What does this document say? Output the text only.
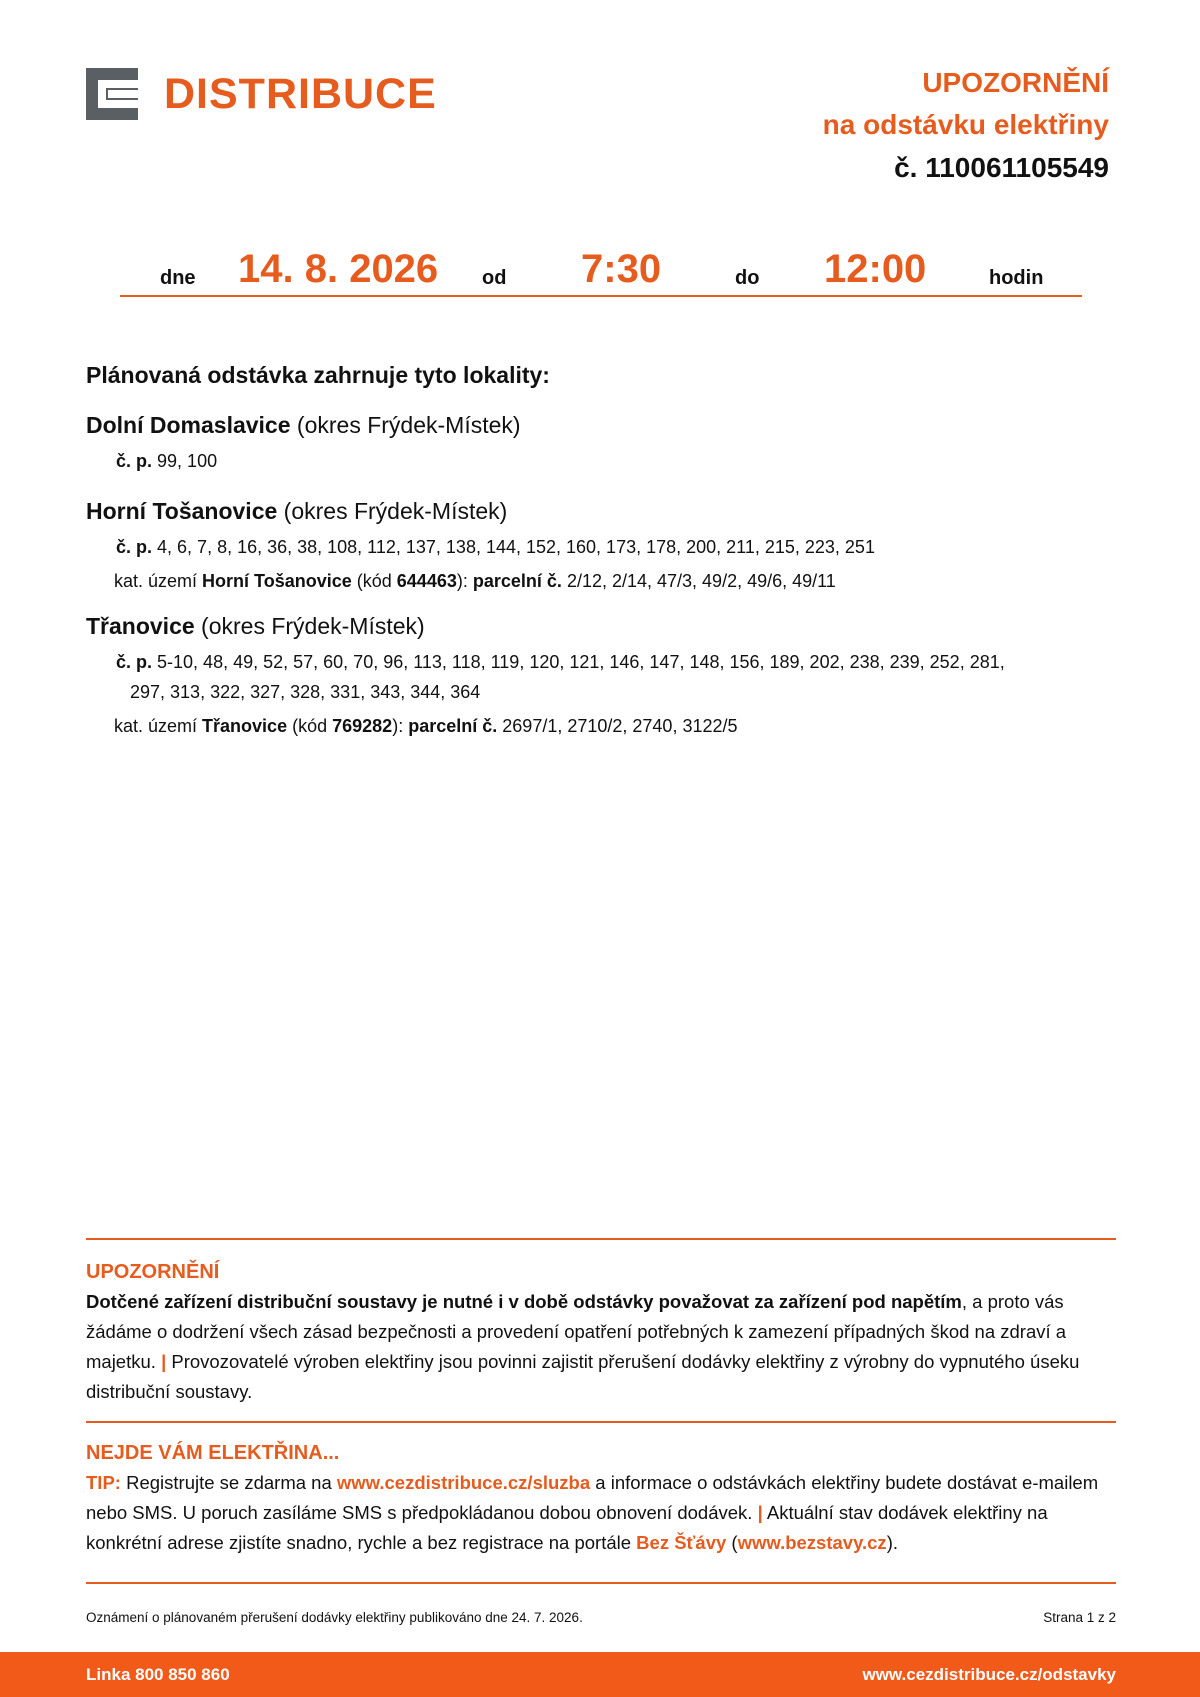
DISTRIBUCE	UPOZORNĚNÍ
na odstávku elektřiny
č. 110061105549
dne 14. 8. 2026 od 7:30	do 12:00	hodin
Plánovaná odstávka zahrnuje tyto lokality:
Dolní Domaslavice (okres Frýdek-Místek)
č. p. 99, 100
Horní Tošanovice (okres Frýdek-Místek)
č. p. 4, 6, 7, 8, 16, 36, 38, 108, 112, 137, 138, 144, 152, 160, 173, 178, 200, 211, 215, 223, 251
kat. území Horní Tošanovice (kód 644463): parcelní č. 2/12, 2/14, 47/3, 49/2, 49/6, 49/11
Třanovice (okres Frýdek-Místek)
č. p. 5-10, 48, 49, 52, 57, 60, 70, 96, 113, 118, 119, 120, 121, 146, 147, 148, 156, 189, 202, 238, 239, 252, 281,
297, 313, 322, 327, 328, 331, 343, 344, 364
kat. území Třanovice (kód 769282): parcelní č. 2697/1, 2710/2, 2740, 3122/5
UPOZORNĚNÍ
Dotčené zařízení distribuční soustavy je nutné i v době odstávky považovat za zařízení pod napětím, a proto vás žádáme o dodržení všech zásad bezpečnosti a provedení opatření potřebných k zamezení případných škod na zdraví a majetku. | Provozovatelé výroben elektřiny jsou povinni zajistit přerušení dodávky elektřiny z výrobny do vypnutého úseku distribuční soustavy.
NEJDE VÁM ELEKTŘINA...
TIP: Registrujte se zdarma na www.cezdistribuce.cz/sluzba a informace o odstávkách elektřiny budete dostávat e-mailem nebo SMS. U poruch zasíláme SMS s předpokládanou dobou obnovení dodávek. | Aktuální stav dodávek elektřiny na konkrétní adrese zjistíte snadno, rychle a bez registrace na portále Bez Šťávy (www.bezstavy.cz).
Oznámení o plánovaném přerušení dodávky elektřiny publikováno dne 24. 7. 2026.	Strana 1 z 2
Linka 800 850 860	www.cezdistribuce.cz/odstavky
